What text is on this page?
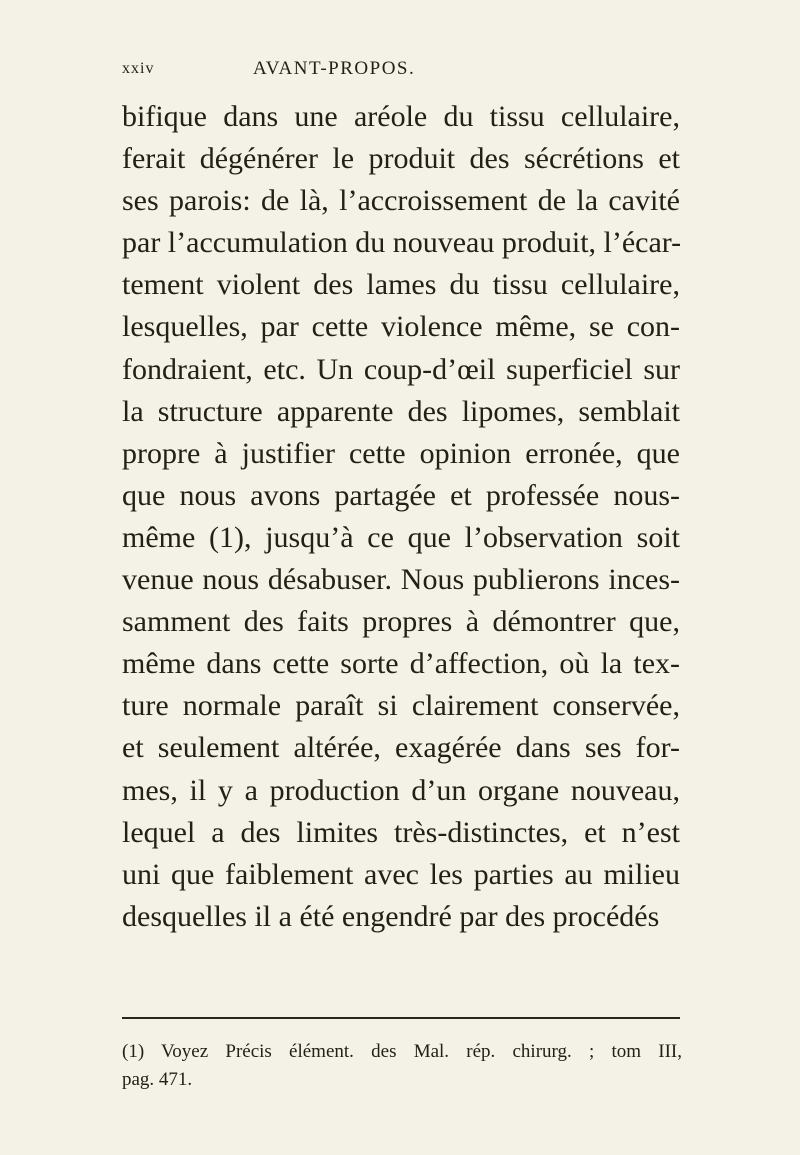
xxiv	AVANT-PROPOS.
bifique dans une aréole du tissu cellulaire,
ferait dégénérer le produit des sécrétions et
ses parois: de là, l’accroissement de la cavité
par l’accumulation du nouveau produit, l’écar-
tement violent des lames du tissu cellulaire,
lesquelles, par cette violence même, se con-
fondraient, etc. Un coup-d’œil superficiel sur
la structure apparente des lipomes, semblait
propre à justifier cette opinion erronée, que
que nous avons partagée et professée nous-
même (1), jusqu’à ce que l’observation soit
venue nous désabuser. Nous publierons inces-
samment des faits propres à démontrer que,
même dans cette sorte d’affection, où la tex-
ture normale paraît si clairement conservée,
et seulement altérée, exagérée dans ses for-
mes, il y a production d’un organe nouveau,
lequel a des limites très-distinctes, et n’est
uni que faiblement avec les parties au milieu
desquelles il a été engendré par des procédés
(1) Voyez Précis élément. des Mal. rép. chirurg. ; tom III,
pag. 471.
